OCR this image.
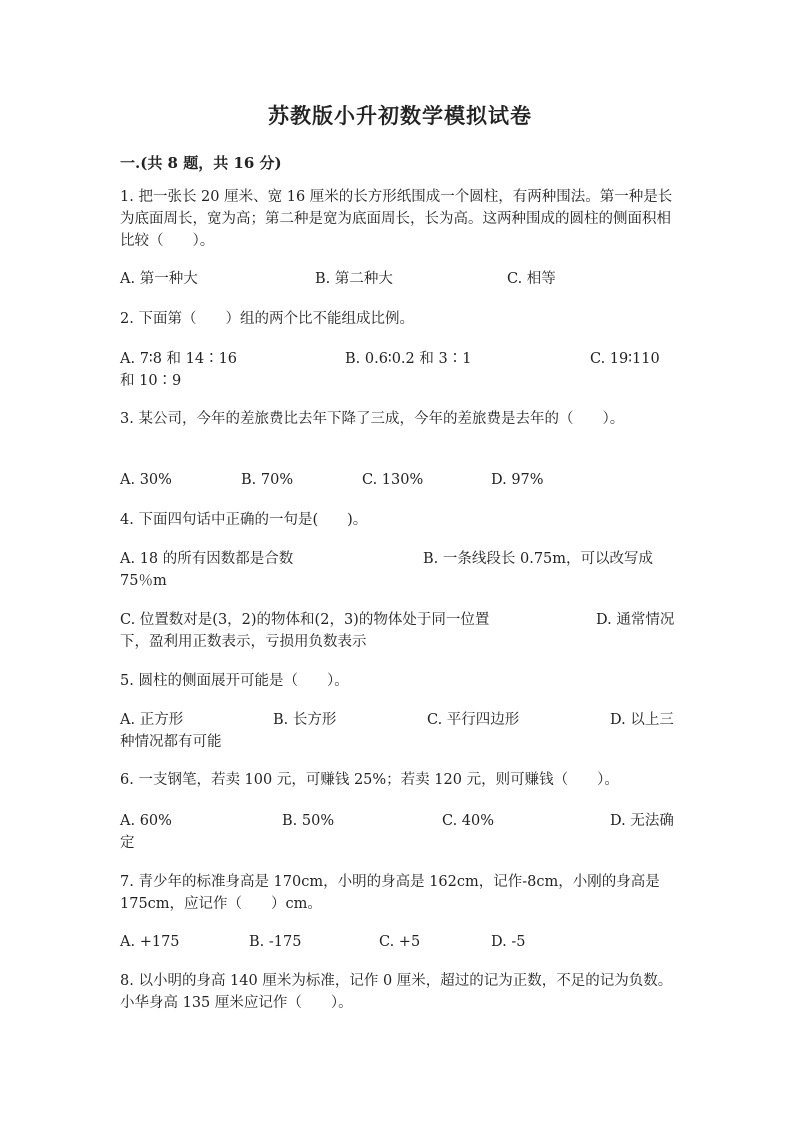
苏教版小升初数学模拟试卷
一.(共 8 题，共 16 分)
1. 把一张长 20 厘米、宽 16 厘米的长方形纸围成一个圆柱，有两种围法。第一种是长为底面周长，宽为高；第二种是宽为底面周长，长为高。这两种围成的圆柱的侧面积相比较（　　）。
A. 第一种大	B. 第二种大	C. 相等
2. 下面第（　　）组的两个比不能组成比例。
A. 7∶8 和 14∶16	B. 0.6∶0.2 和 3∶1	C. 19∶110
和 10∶9
3. 某公司，今年的差旅费比去年下降了三成，今年的差旅费是去年的（　　）。
A. 30%	B. 70%	C. 130%	D. 97%
4. 下面四句话中正确的一句是(　　)。
A. 18 的所有因数都是合数	B. 一条线段长 0.75m，可以改写成
75％m
C. 位置数对是(3，2)的物体和(2，3)的物体处于同一位置	D. 通常情况
下，盈利用正数表示，亏损用负数表示
5. 圆柱的侧面展开可能是（　　）。
A. 正方形	B. 长方形	C. 平行四边形	D. 以上三
种情况都有可能
6. 一支钢笔，若卖 100 元，可赚钱 25%；若卖 120 元，则可赚钱（　　）。
A. 60%	B. 50%	C. 40%	D. 无法确
定
7. 青少年的标准身高是 170cm，小明的身高是 162cm，记作-8cm，小刚的身高是 175cm，应记作（　　）cm。
A. +175	B. -175	C. +5	D. -5
8. 以小明的身高 140 厘米为标准，记作 0 厘米，超过的记为正数，不足的记为负数。小华身高 135 厘米应记作（　　）。
